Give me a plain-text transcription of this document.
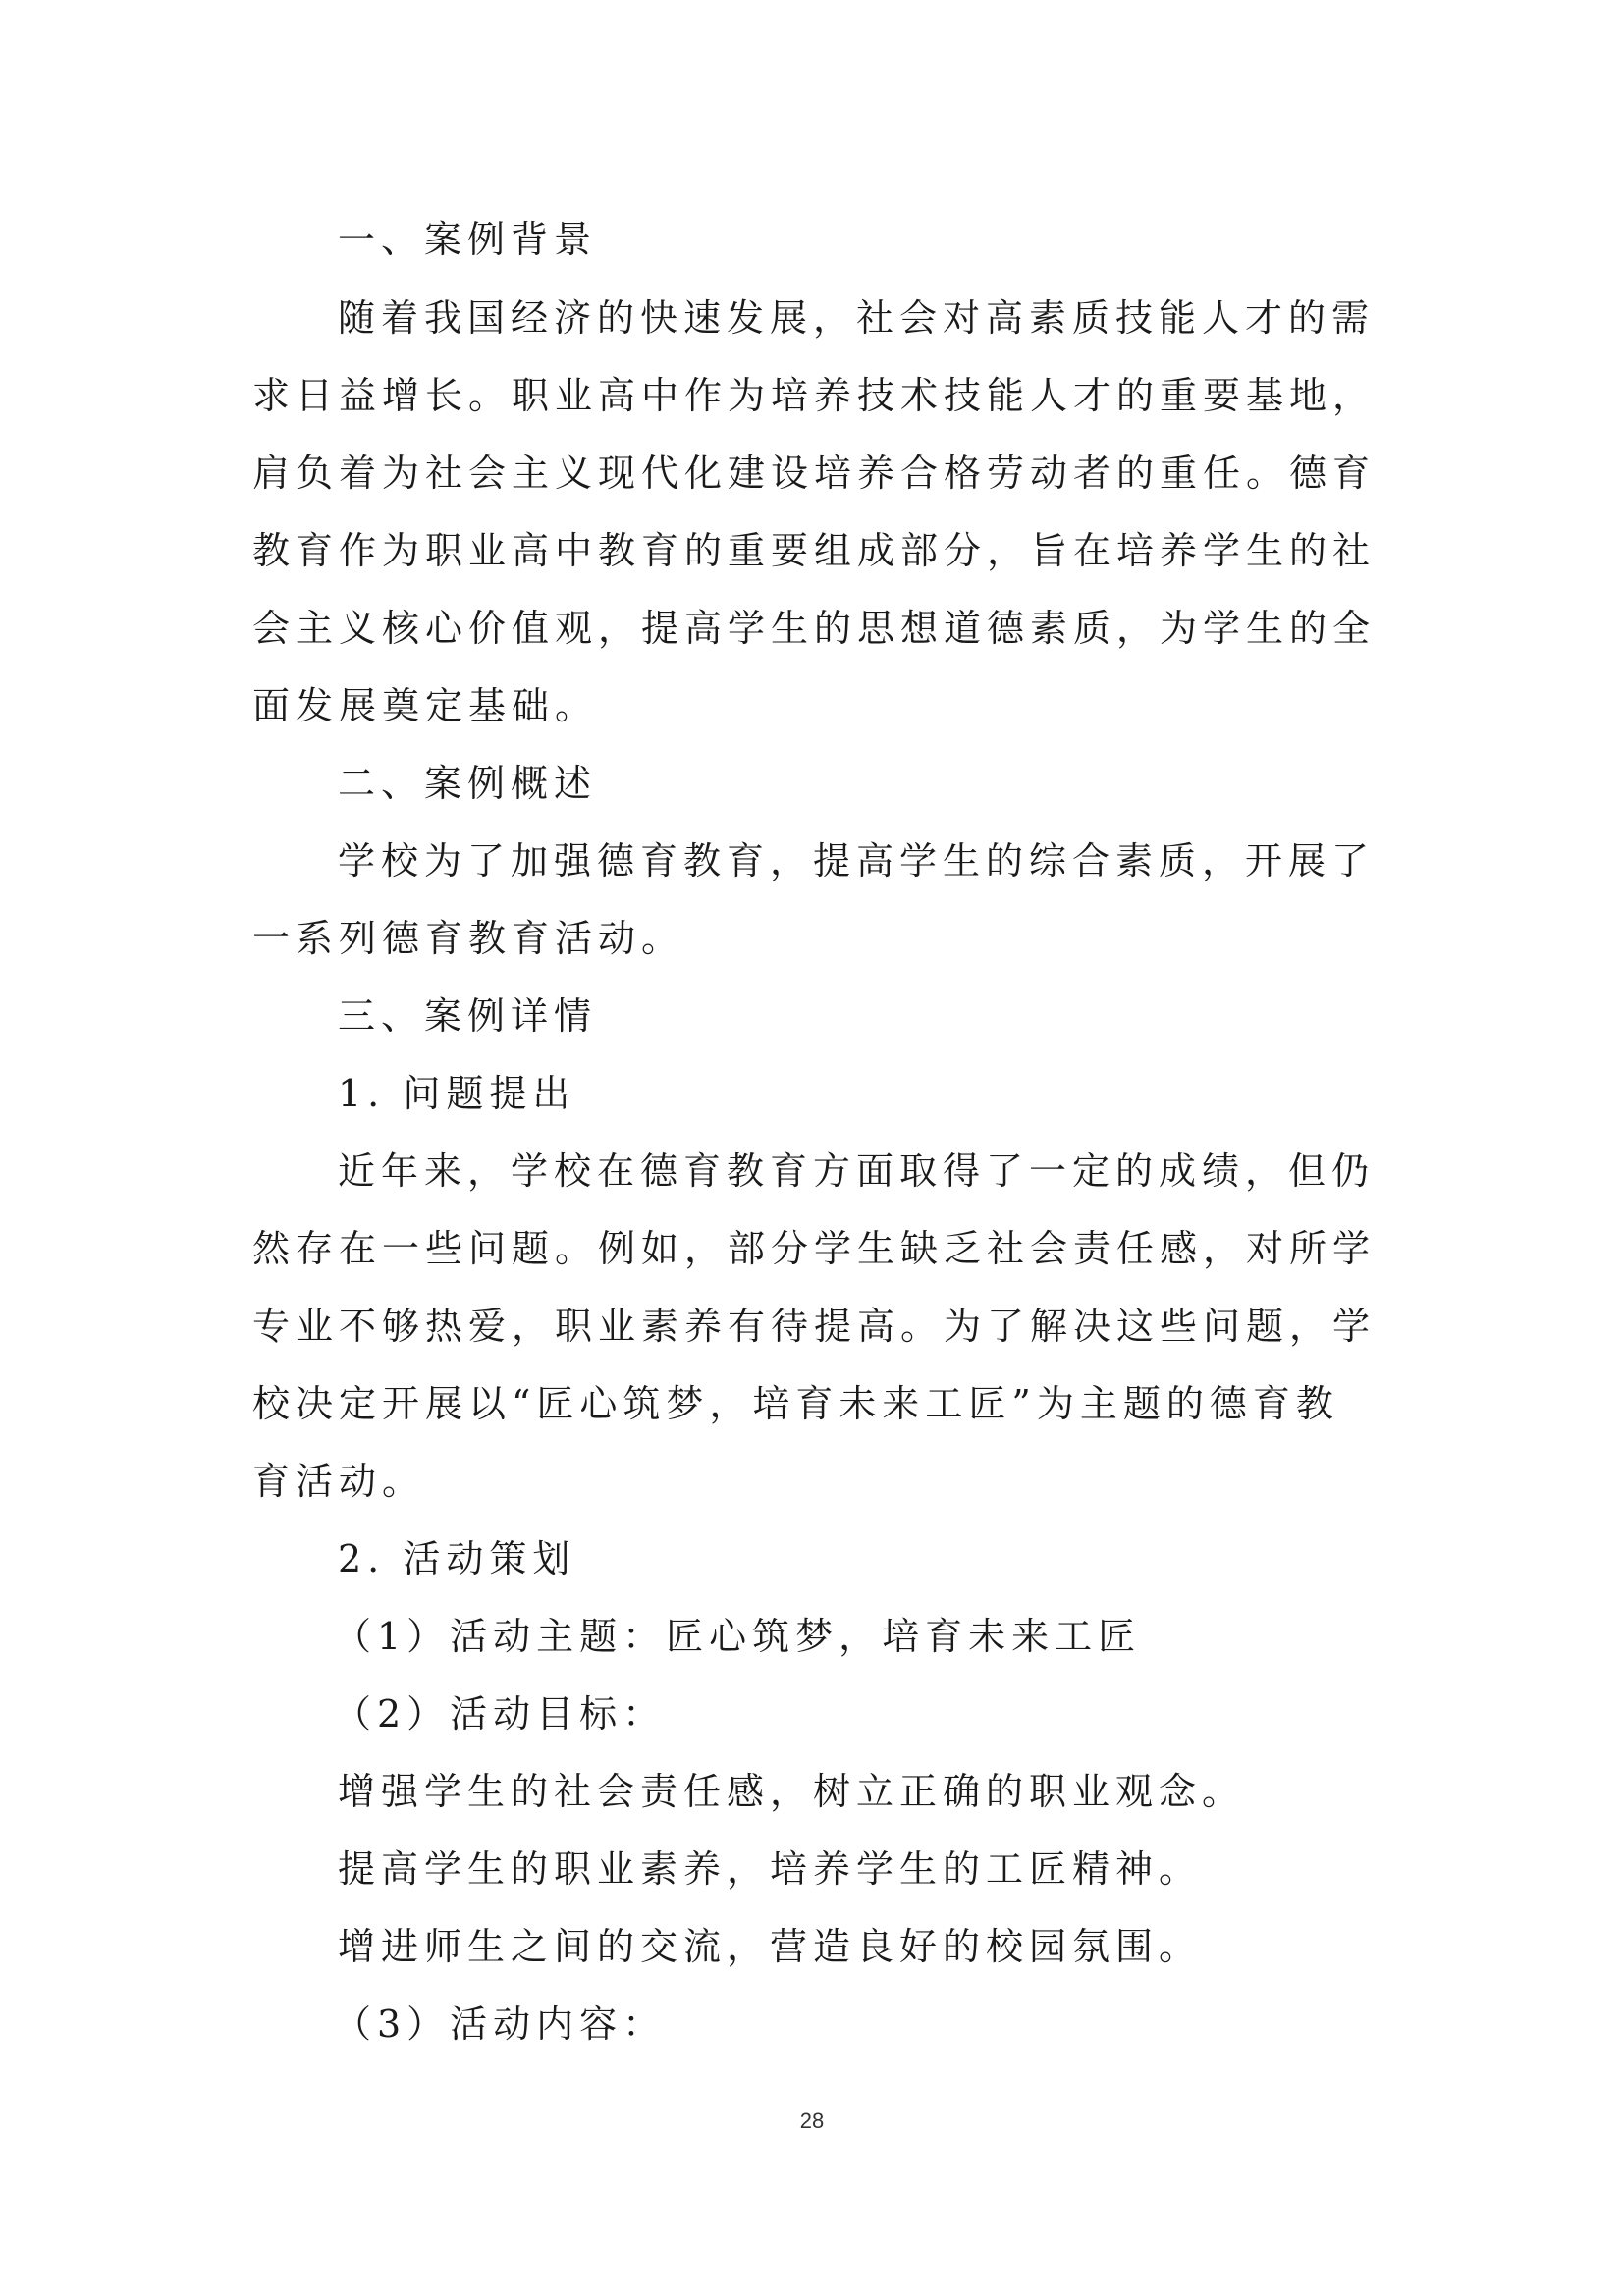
一、案例背景
随着我国经济的快速发展，社会对高素质技能人才的需
求日益增长。职业高中作为培养技术技能人才的重要基地，
肩负着为社会主义现代化建设培养合格劳动者的重任。德育
教育作为职业高中教育的重要组成部分，旨在培养学生的社
会主义核心价值观，提高学生的思想道德素质，为学生的全
面发展奠定基础。
二、案例概述
学校为了加强德育教育，提高学生的综合素质，开展了
一系列德育教育活动。
三、案例详情
1. 问题提出
近年来，学校在德育教育方面取得了一定的成绩，但仍
然存在一些问题。例如，部分学生缺乏社会责任感，对所学
专业不够热爱，职业素养有待提高。为了解决这些问题，学
校决定开展以“匠心筑梦，培育未来工匠”为主题的德育教
育活动。
2. 活动策划
（1）活动主题：匠心筑梦，培育未来工匠
（2）活动目标：
增强学生的社会责任感，树立正确的职业观念。
提高学生的职业素养，培养学生的工匠精神。
增进师生之间的交流，营造良好的校园氛围。
（3）活动内容：
28
